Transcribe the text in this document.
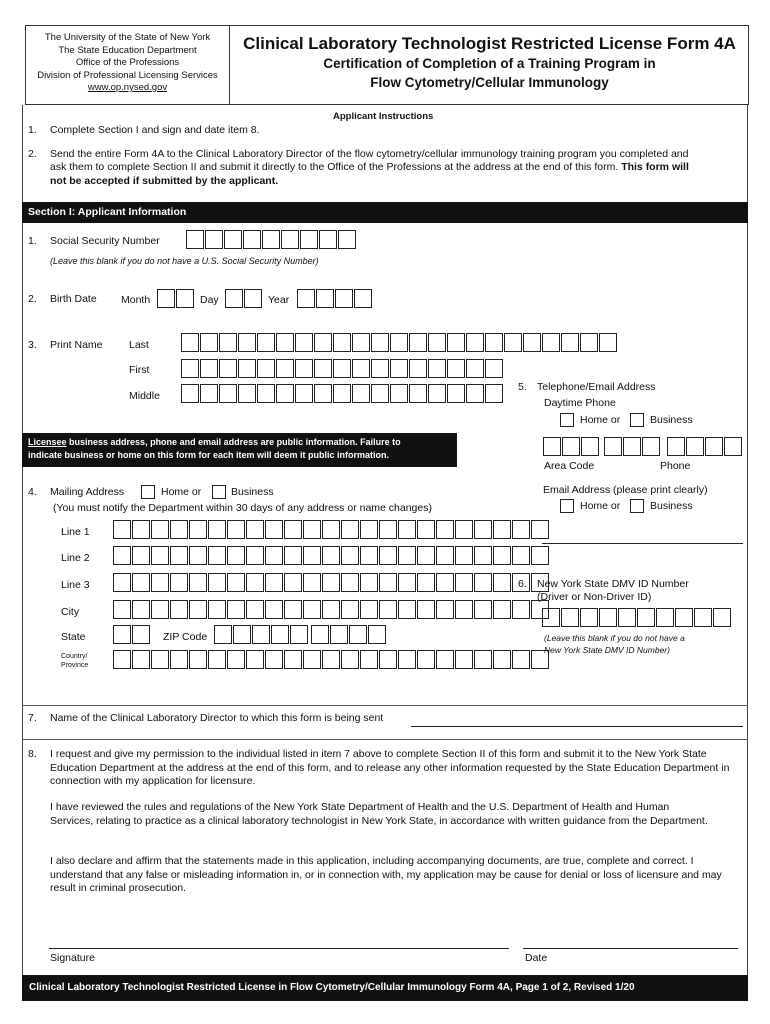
The University of the State of New York
The State Education Department
Office of the Professions
Division of Professional Licensing Services
www.op.nysed.gov
Clinical Laboratory Technologist Restricted License Form 4A
Certification of Completion of a Training Program in
Flow Cytometry/Cellular Immunology
Applicant Instructions
1. Complete Section I and sign and date item 8.
2. Send the entire Form 4A to the Clinical Laboratory Director of the flow cytometry/cellular immunology training program you completed and
ask them to complete Section II and submit it directly to the Office of the Professions at the address at the end of this form. This form will
not be accepted if submitted by the applicant.
Section I: Applicant Information
1. Social Security Number
(Leave this blank if you do not have a U.S. Social Security Number)
2. Birth Date Month	Day	Year
3. Print Name	Last
First
Middle
Licensee business address, phone and email address are public information. Failure to
indicate business or home on this form for each item will deem it public information.
4. Mailing Address	Home or	Business
(You must notify the Department within 30 days of any address or name changes)
Line 1
Line 2
Line 3
City
State	ZIP Code
Country/
Province
5. Telephone/Email Address
Daytime Phone
Home or	Business
Area Code	Phone
Email Address (please print clearly)
Home or	Business
6. New York State DMV ID Number
(Driver or Non-Driver ID)
(Leave this blank if you do not have a
New York State DMV ID Number)
7. Name of the Clinical Laboratory Director to which this form is being sent
8. I request and give my permission to the individual listed in item 7 above to complete Section II of this form and submit it to the New York State Education Department at the address at the end of this form, and to release any other information requested by the State Education Department in connection with my application for licensure.
I have reviewed the rules and regulations of the New York State Department of Health and the U.S. Department of Health and Human Services, relating to practice as a clinical laboratory technologist in New York State, in accordance with written guidance from the Department.
I also declare and affirm that the statements made in this application, including accompanying documents, are true, complete and correct. I understand that any false or misleading information in, or in connection with, my application may be cause for denial or loss of licensure and may result in criminal prosecution.
Signature	Date
Clinical Laboratory Technologist Restricted License in Flow Cytometry/Cellular Immunology Form 4A, Page 1 of 2, Revised 1/20
